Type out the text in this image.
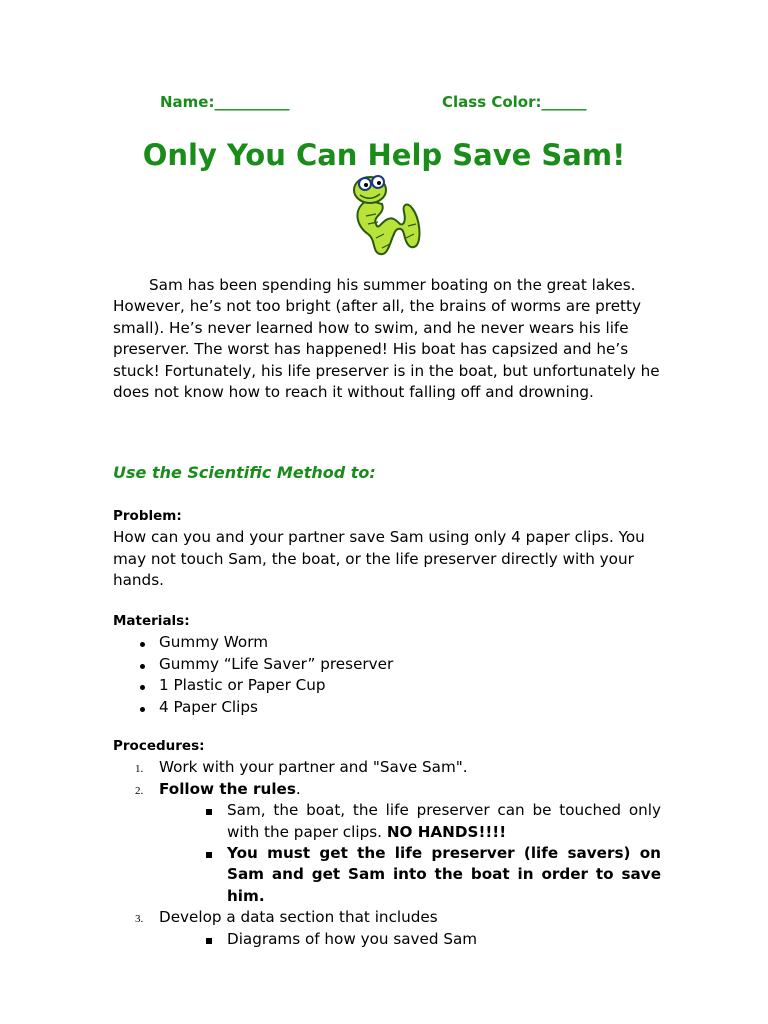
Name:__________	Class Color:______
Only You Can Help Save Sam!
Sam has been spending his summer boating on the great lakes. However, he’s not too bright (after all, the brains of worms are pretty small). He’s never learned how to swim, and he never wears his life preserver. The worst has happened! His boat has capsized and he’s stuck! Fortunately, his life preserver is in the boat, but unfortunately he does not know how to reach it without falling off and drowning.
Use the Scientific Method to:
Problem:
How can you and your partner save Sam using only 4 paper clips. You may not touch Sam, the boat, or the life preserver directly with your hands.
Materials:
Gummy Worm
Gummy “Life Saver” preserver
1 Plastic or Paper Cup
4 Paper Clips
Procedures:
1. Work with your partner and "Save Sam".
2. Follow the rules.
Sam, the boat, the life preserver can be touched only with the paper clips. NO HANDS!!!!
You must get the life preserver (life savers) on Sam and get Sam into the boat in order to save him.
3. Develop a data section that includes
Diagrams of how you saved Sam
